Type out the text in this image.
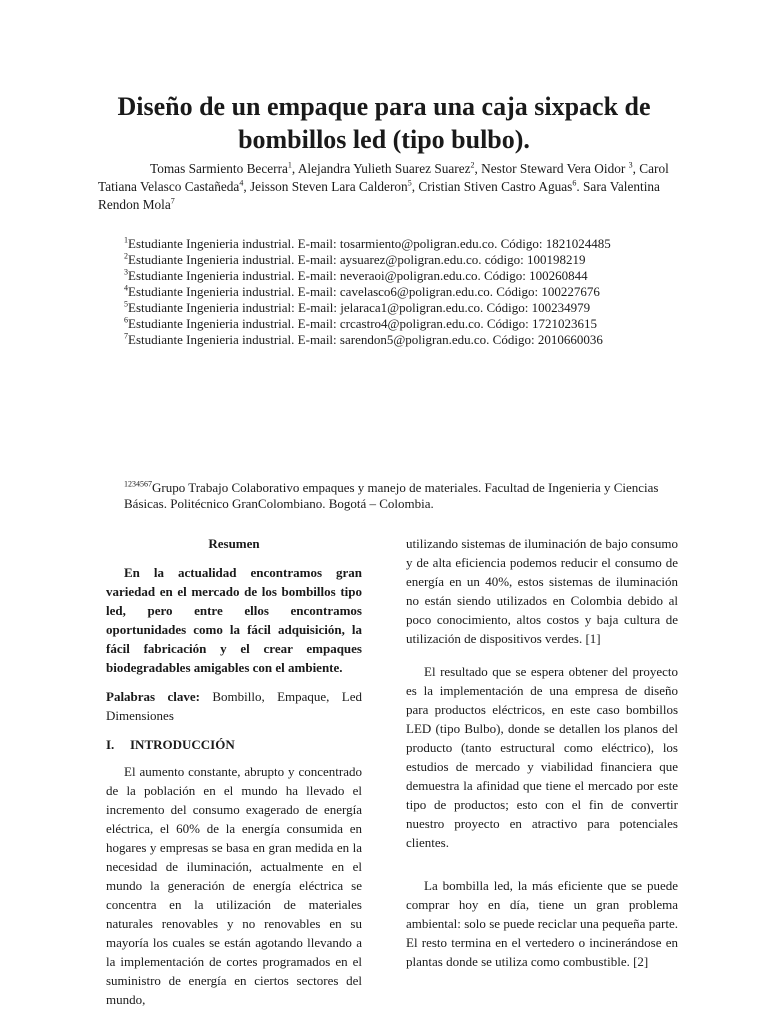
Diseño de un empaque para una caja sixpack de
bombillos led (tipo bulbo).
Tomas Sarmiento Becerra$^1$, Alejandra Yulieth Suarez Suarez$^2$, Nestor Steward Vera Oidor $^3$, Carol Tatiana Velasco Castañeda$^4$, Jeisson Steven Lara Calderon$^5$, Cristian Stiven Castro Aguas$^6$. Sara Valentina Rendon Mola$^7$

$^1$Estudiante Ingenieria industrial. E-mail: tosarmiento@poligran.edu.co. Código: 1821024485

$^2$Estudiante Ingenieria industrial. E-mail: aysuarez@poligran.edu.co. código: 100198219

$^3$Estudiante Ingenieria industrial. E-mail: neveraoi@poligran.edu.co. Código: 100260844

$^4$Estudiante Ingenieria industrial. E-mail: cavelasco6@poligran.edu.co. Código: 100227676

$^5$Estudiante Ingenieria industrial: E-mail: jelaraca1@poligran.edu.co. Código: 100234979

$^6$Estudiante Ingenieria industrial. E-mail: crcastro4@poligran.edu.co. Código: 1721023615

$^7$Estudiante Ingenieria industrial. E-mail: sarendon5@poligran.edu.co. Código: 2010660036

$^{1234567}$Grupo Trabajo Colaborativo empaques y manejo de materiales. Facultad de Ingenieria y Ciencias Básicas. Politécnico GranColombiano. Bogotá – Colombia.

Resumen

En la actualidad encontramos gran variedad en el mercado de los bombillos tipo led, pero entre ellos encontramos oportunidades como la fácil adquisición, la fácil fabricación y el crear empaques biodegradables amigables con el ambiente.

Palabras clave: Bombillo, Empaque, Led Dimensiones

I. INTRODUCCIÓN

El aumento constante, abrupto y concentrado de la población en el mundo ha llevado el incremento del consumo exagerado de energía eléctrica, el 60% de la energía consumida en hogares y empresas se basa en gran medida en la necesidad de iluminación, actualmente en el mundo la generación de energía eléctrica se concentra en la utilización de materiales naturales renovables y no renovables en su mayoría los cuales se están agotando llevando a la implementación de cortes programados en el suministro de energía en ciertos sectores del mundo,

utilizando sistemas de iluminación de bajo consumo y de alta eficiencia podemos reducir el consumo de energía en un 40%, estos sistemas de iluminación no están siendo utilizados en Colombia debido al poco conocimiento, altos costos y baja cultura de utilización de dispositivos verdes. [1]

El resultado que se espera obtener del proyecto es la implementación de una empresa de diseño para productos eléctricos, en este caso bombillos LED (tipo Bulbo), donde se detallen los planos del producto (tanto estructural como eléctrico), los estudios de mercado y viabilidad financiera que demuestra la afinidad que tiene el mercado por este tipo de productos; esto con el fin de convertir nuestro proyecto en atractivo para potenciales clientes.

La bombilla led, la más eficiente que se puede comprar hoy en día, tiene un gran problema ambiental: solo se puede reciclar una pequeña parte. El resto termina en el vertedero o incinerándose en plantas donde se utiliza como combustible. [2]
